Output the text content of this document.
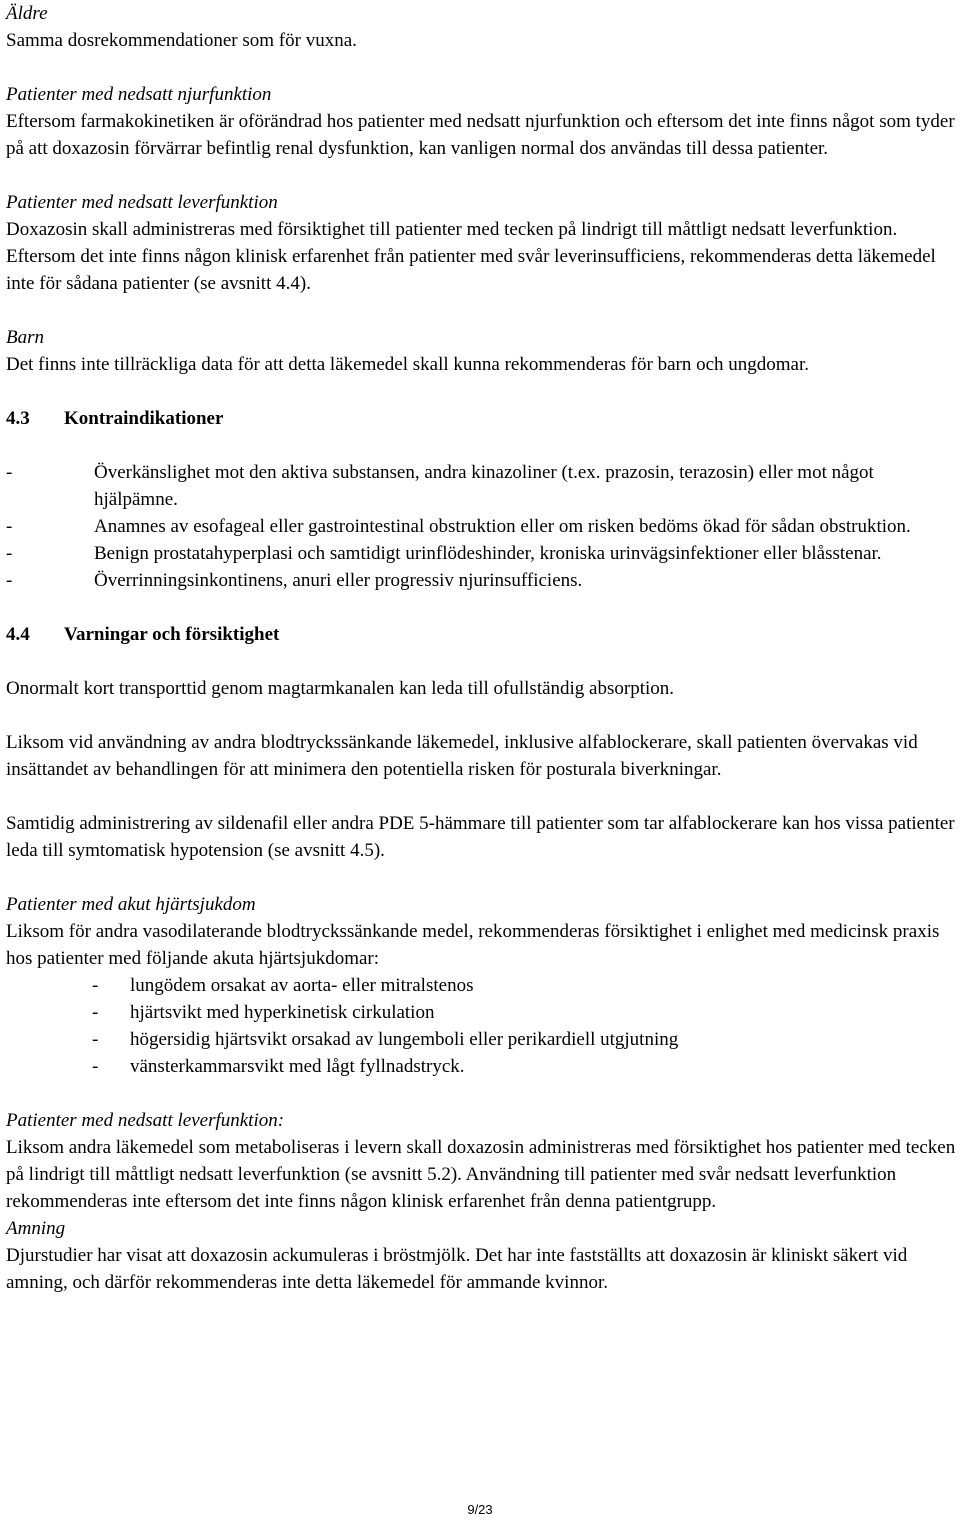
Äldre

Samma dosrekommendationer som för vuxna.

Patienter med nedsatt njurfunktion

Eftersom farmakokinetiken är oförändrad hos patienter med nedsatt njurfunktion och eftersom det inte finns något som tyder på att doxazosin förvärrar befintlig renal dysfunktion, kan vanligen normal dos användas till dessa patienter.

Patienter med nedsatt leverfunktion

Doxazosin skall administreras med försiktighet till patienter med tecken på lindrigt till måttligt nedsatt leverfunktion. Eftersom det inte finns någon klinisk erfarenhet från patienter med svår leverinsufficiens, rekommenderas detta läkemedel inte för sådana patienter (se avsnitt 4.4).

Barn

Det finns inte tillräckliga data för att detta läkemedel skall kunna rekommenderas för barn och ungdomar.

4.3	Kontraindikationer

-	Överkänslighet mot den aktiva substansen, andra kinazoliner (t.ex. prazosin, terazosin) eller mot något hjälpämne.
-	Anamnes av esofageal eller gastrointestinal obstruktion eller om risken bedöms ökad för sådan obstruktion.
-	Benign prostatahyperplasi och samtidigt urinflödeshinder, kroniska urinvägsinfektioner eller blåsstenar.
-	Överrinningsinkontinens, anuri eller progressiv njurinsufficiens.

4.4	Varningar och försiktighet

Onormalt kort transporttid genom magtarmkanalen kan leda till ofullständig absorption.

Liksom vid användning av andra blodtryckssänkande läkemedel, inklusive alfablockerare, skall patienten övervakas vid insättandet av behandlingen för att minimera den potentiella risken för posturala biverkningar.

Samtidig administrering av sildenafil eller andra PDE 5-hämmare till patienter som tar alfablockerare kan hos vissa patienter leda till symtomatisk hypotension (se avsnitt 4.5).

Patienter med akut hjärtsjukdom

Liksom för andra vasodilaterande blodtryckssänkande medel, rekommenderas försiktighet i enlighet med medicinsk praxis hos patienter med följande akuta hjärtsjukdomar:

-	lungödem orsakat av aorta- eller mitralstenos
-	hjärtsvikt med hyperkinetisk cirkulation
-	högersidig hjärtsvikt orsakad av lungemboli eller perikardiell utgjutning
-	vänsterkammarsvikt med lågt fyllnadstryck.

Patienter med nedsatt leverfunktion:

Liksom andra läkemedel som metaboliseras i levern skall doxazosin administreras med försiktighet hos patienter med tecken på lindrigt till måttligt nedsatt leverfunktion (se avsnitt 5.2). Användning till patienter med svår nedsatt leverfunktion rekommenderas inte eftersom det inte finns någon klinisk erfarenhet från denna patientgrupp.

Amning

Djurstudier har visat att doxazosin ackumuleras i bröstmjölk. Det har inte fastställts att doxazosin är kliniskt säkert vid amning, och därför rekommenderas inte detta läkemedel för ammande kvinnor.

9/23
